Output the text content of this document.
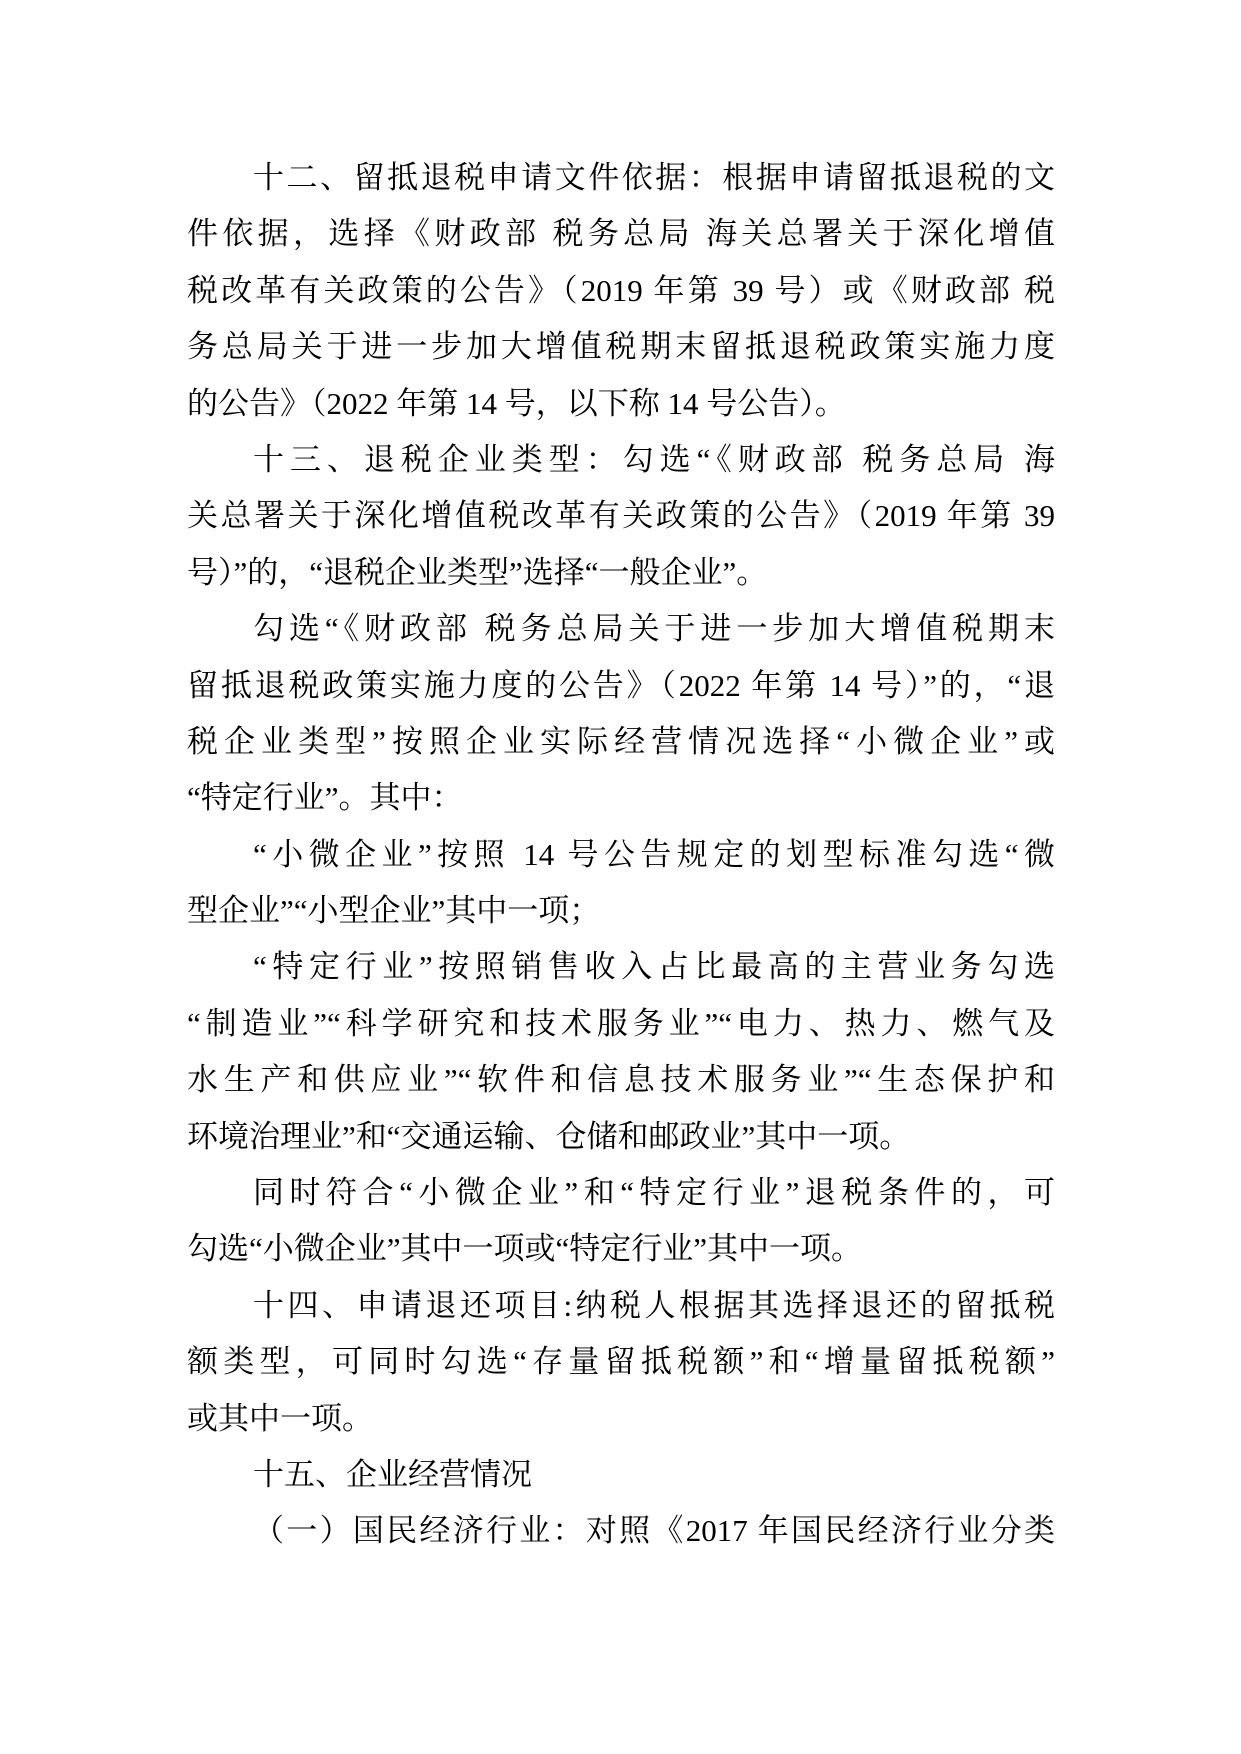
十二、留抵退税申请文件依据：根据申请留抵退税的文
件依据，选择《财政部 税务总局 海关总署关于深化增值
税改革有关政策的公告》（2019 年第 39 号）或《财政部 税
务总局关于进一步加大增值税期末留抵退税政策实施力度
的公告》（2022 年第 14 号，以下称 14 号公告）。
十三、退税企业类型：勾选“《财政部 税务总局 海
关总署关于深化增值税改革有关政策的公告》（2019 年第 39
号）”的，“退税企业类型”选择“一般企业”。
勾选“《财政部 税务总局关于进一步加大增值税期末
留抵退税政策实施力度的公告》（2022 年第 14 号）”的，“退
税企业类型”按照企业实际经营情况选择“小微企业”或
“特定行业”。其中：
“小微企业”按照 14 号公告规定的划型标准勾选“微
型企业”“小型企业”其中一项；
“特定行业”按照销售收入占比最高的主营业务勾选
“制造业”“科学研究和技术服务业”“电力、热力、燃气及
水生产和供应业”“软件和信息技术服务业”“生态保护和
环境治理业”和“交通运输、仓储和邮政业”其中一项。
同时符合“小微企业”和“特定行业”退税条件的，可
勾选“小微企业”其中一项或“特定行业”其中一项。
十四、申请退还项目:纳税人根据其选择退还的留抵税
额类型，可同时勾选“存量留抵税额”和“增量留抵税额”
或其中一项。
十五、企业经营情况
（一）国民经济行业：对照《2017 年国民经济行业分类
